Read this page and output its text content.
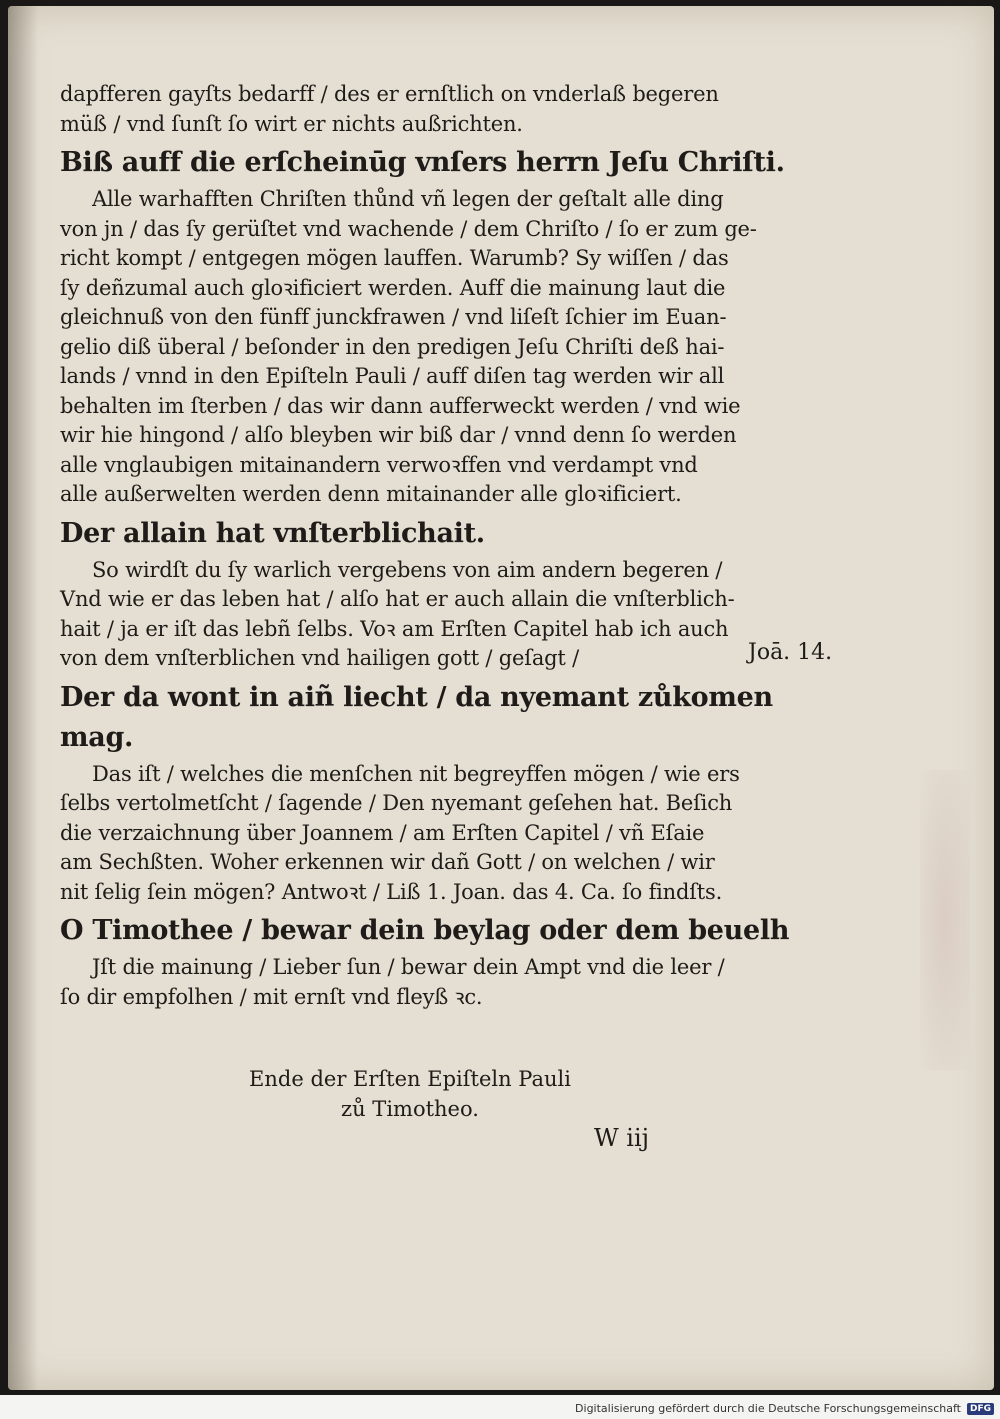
dapfferen gayſts bedarff / des er ernſtlich on vnderlaß begeren
müß / vnd ſunſt ſo wirt er nichts außrichten.
Biß auff die erſcheinūg vnſers herrn Jeſu Chriſti.
Alle warhafften Chriſten thůnd vñ legen der geſtalt alle ding
von jn / das ſy gerüſtet vnd wachende / dem Chriſto / ſo er zum ge-
richt kompt / entgegen mögen lauffen. Warumb? Sy wiſſen / das
ſy deñzumal auch gloꝛificiert werden. Auff die mainung laut die
gleichnuß von den fünff junckfrawen / vnd liſeſt ſchier im Euan-
gelio diß überal / beſonder in den predigen Jeſu Chriſti deß hai-
lands / vnnd in den Epiſteln Pauli / auff diſen tag werden wir all
behalten im ſterben / das wir dann aufferweckt werden / vnd wie
wir hie hingond / alſo bleyben wir biß dar / vnnd denn ſo werden
alle vnglaubigen mitainandern verwoꝛffen vnd verdampt vnd
alle außerwelten werden denn mitainander alle gloꝛificiert.
Der allain hat vnſterblichait.
So wirdſt du ſy warlich vergebens von aim andern begeren /
Vnd wie er das leben hat / alſo hat er auch allain die vnſterblich-
hait / ja er iſt das lebñ ſelbs. Voꝛ am Erſten Capitel hab ich auch
von dem vnſterblichen vnd hailigen gott / geſagt /
Der da wont in aiñ liecht / da nyemant zůkomen
mag.
Das iſt / welches die menſchen nit begreyffen mögen / wie ers
ſelbs vertolmetſcht / ſagende / Den nyemant geſehen hat. Beſich
die verzaichnung über Joannem / am Erſten Capitel / vñ Eſaie
am Sechßten. Woher erkennen wir dañ Gott / on welchen / wir
nit ſelig ſein mögen? Antwoꝛt / Liß 1. Joan. das 4. Ca. ſo findſts.
O Timothee / bewar dein beylag oder dem beuelh
Jſt die mainung / Lieber ſun / bewar dein Ampt vnd die leer /
ſo dir empfolhen / mit ernſt vnd fleyß ꝛc.
Joā. 14.
Ende der Erſten Epiſteln Pauli
zů Timotheo.
W iij
Digitalisierung gefördert durch die Deutsche Forschungsgemeinschaft	DFG
